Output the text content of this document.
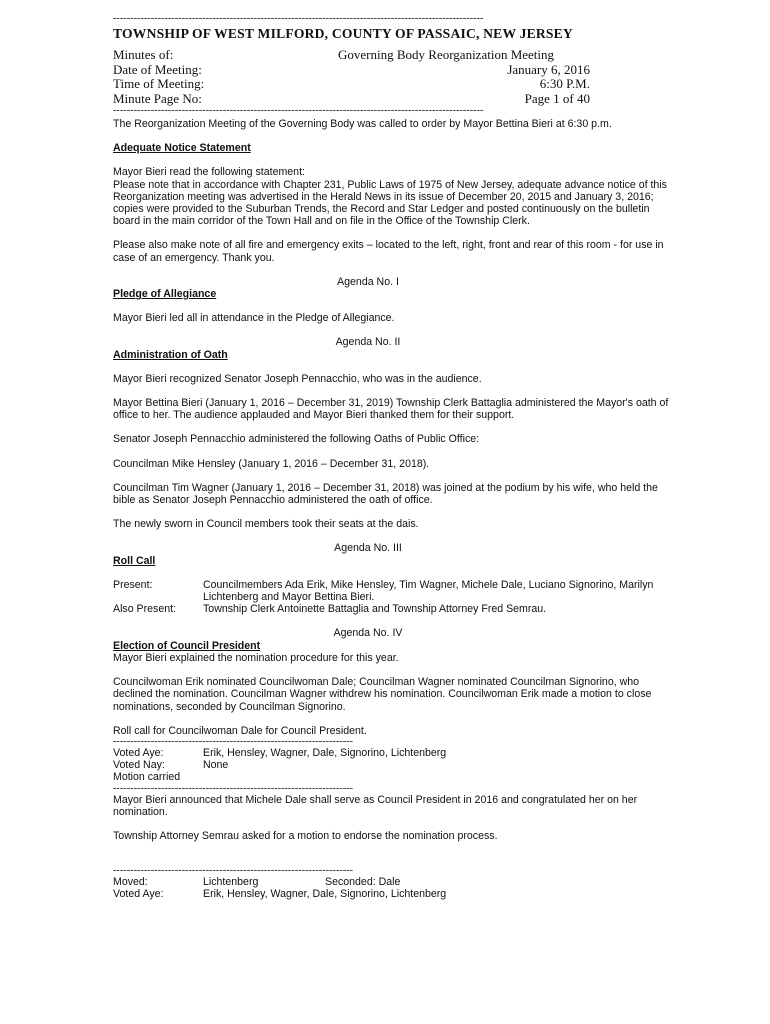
------------------------------------------------------------------------------------------------------------
TOWNSHIP OF WEST MILFORD, COUNTY OF PASSAIC, NEW JERSEY
Minutes of:	Governing Body Reorganization Meeting
Date of Meeting:	January 6, 2016
Time of Meeting:	6:30 P.M.
Minute Page No:	Page 1 of 40
------------------------------------------------------------------------------------------------------------

The Reorganization Meeting of the Governing Body was called to order by Mayor Bettina Bieri at 6:30 p.m.

Adequate Notice Statement

Mayor Bieri read the following statement:

Please note that in accordance with Chapter 231, Public Laws of 1975 of New Jersey, adequate advance notice of this Reorganization meeting was advertised in the Herald News in its issue of December 20, 2015 and January 3, 2016; copies were provided to the Suburban Trends, the Record and Star Ledger and posted continuously on the bulletin board in the main corridor of the Town Hall and on file in the Office of the Township Clerk.

Please also make note of all fire and emergency exits – located to the left, right, front and rear of this room - for use in case of an emergency. Thank you.

Agenda No. I

Pledge of Allegiance

Mayor Bieri led all in attendance in the Pledge of Allegiance.

Agenda No. II

Administration of Oath

Mayor Bieri recognized Senator Joseph Pennacchio, who was in the audience.

Mayor Bettina Bieri (January 1, 2016 – December 31, 2019) Township Clerk Battaglia administered the Mayor's oath of office to her. The audience applauded and Mayor Bieri thanked them for their support.

Senator Joseph Pennacchio administered the following Oaths of Public Office:

Councilman Mike Hensley (January 1, 2016 – December 31, 2018).

Councilman Tim Wagner (January 1, 2016 – December 31, 2018) was joined at the podium by his wife, who held the bible as Senator Joseph Pennacchio administered the oath of office.

The newly sworn in Council members took their seats at the dais.

Agenda No. III

Roll Call

Present:	Councilmembers Ada Erik, Mike Hensley, Tim Wagner, Michele Dale, Luciano Signorino, Marilyn Lichtenberg and Mayor Bettina Bieri.
Also Present:	Township Clerk Antoinette Battaglia and Township Attorney Fred Semrau.

Agenda No. IV

Election of Council President

Mayor Bieri explained the nomination procedure for this year.

Councilwoman Erik nominated Councilwoman Dale; Councilman Wagner nominated Councilman Signorino, who declined the nomination. Councilman Wagner withdrew his nomination. Councilwoman Erik made a motion to close nominations, seconded by Councilman Signorino.

Roll call for Councilwoman Dale for Council President.

----------------------------------------------------------------------
Voted Aye:	Erik, Hensley, Wagner, Dale, Signorino, Lichtenberg
Voted Nay:	None

Motion carried

----------------------------------------------------------------------

Mayor Bieri announced that Michele Dale shall serve as Council President in 2016 and congratulated her on her nomination.

Township Attorney Semrau asked for a motion to endorse the nomination process.

----------------------------------------------------------------------
Moved:	Lichtenberg	Seconded: Dale
Voted Aye:	Erik, Hensley, Wagner, Dale, Signorino, Lichtenberg
